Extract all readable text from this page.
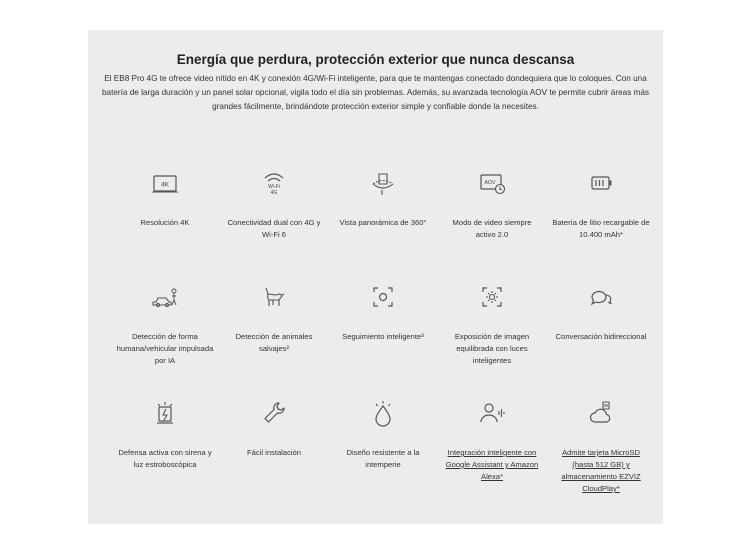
Energía que perdura, protección exterior que nunca descansa
El EB8 Pro 4G te ofrece video nítido en 4K y conexión 4G/Wi-Fi inteligente, para que te mantengas conectado dondequiera que lo coloques. Con una batería de larga duración y un panel solar opcional, vigila todo el día sin problemas. Además, su avanzada tecnología AOV te permite cubrir áreas más grandes fácilmente, brindándote protección exterior simple y confiable donde la necesites.
4K
Resolución 4K
Wi-Fi
4G
Conectividad dual con 4G y Wi-Fi 6
Vista panorámica de 360°
AOV
Modo de video siempre activo 2.0
Batería de litio recargable de 10.400 mAh*
Detección de forma humana/vehicular impulsada por IA
Detección de animales salvajes²
Seguimiento inteligente³	Exposición de imagen equilibrada con luces inteligentes
Conversación bidireccional
Defensa activa con sirena y luz estroboscópica
Fácil instalación	Diseño resistente a la intemperie
Integración inteligente con Google Assistant y Amazon Alexa*
Admite tarjeta MicroSD (hasta 512 GB) y almacenamiento EZVIZ CloudPlay*
